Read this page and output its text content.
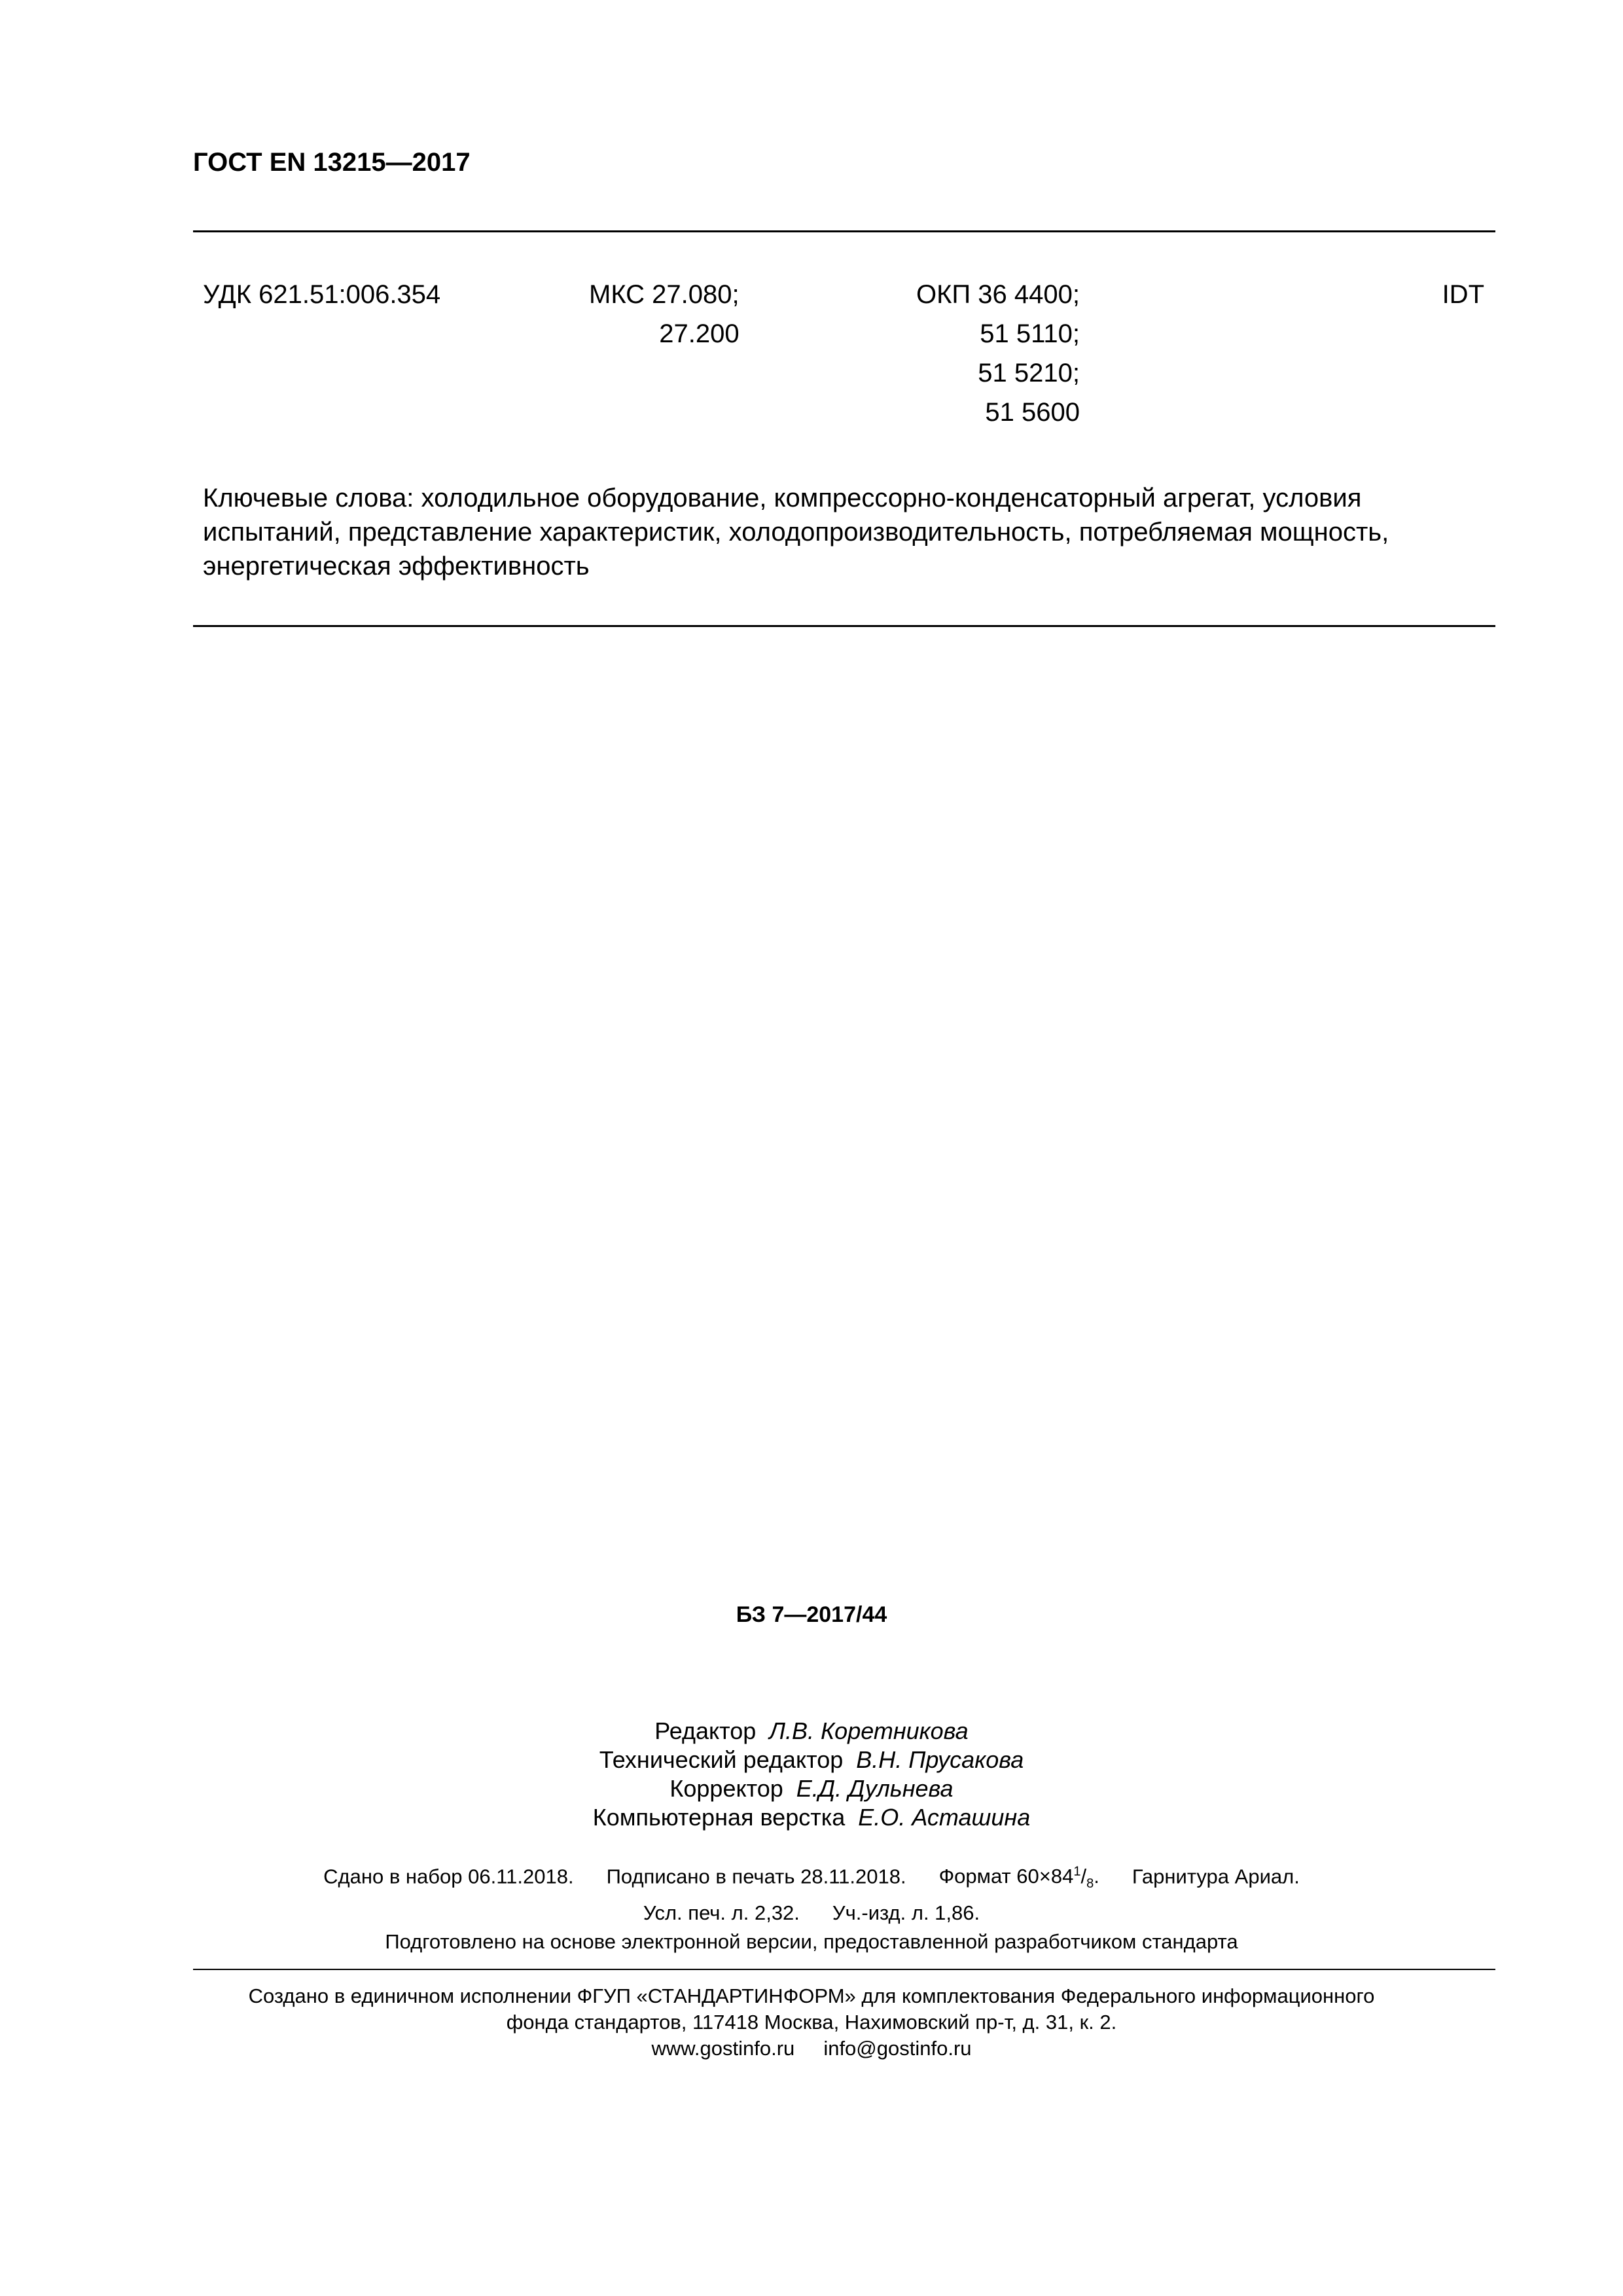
ГОСТ EN 13215—2017
УДК 621.51:006.354	МКС 27.080;
27.200
ОКП 36 4400;
51 5110;
51 5210;
51 5600
IDT
Ключевые слова: холодильное оборудование, компрессорно-конденсаторный агрегат, условия испытаний, представление характеристик, холодопроизводительность, потребляемая мощность, энергетическая эффективность
БЗ 7—2017/44
Редактор Л.В. Коретникова
Технический редактор В.Н. Прусакова
Корректор Е.Д. Дульнева
Компьютерная верстка Е.О. Асташина
Сдано в набор 06.11.2018. Подписано в печать 28.11.2018. Формат $60\times 84^1/_8$. Гарнитура Ариал.
Усл. печ. л. 2,32. Уч.-изд. л. 1,86.
Подготовлено на основе электронной версии, предоставленной разработчиком стандарта
Создано в единичном исполнении ФГУП «СТАНДАРТИНФОРМ» для комплектования Федерального информационного
фонда стандартов, 117418 Москва, Нахимовский пр-т, д. 31, к. 2.
www.gostinfo.ru info@gostinfo.ru
